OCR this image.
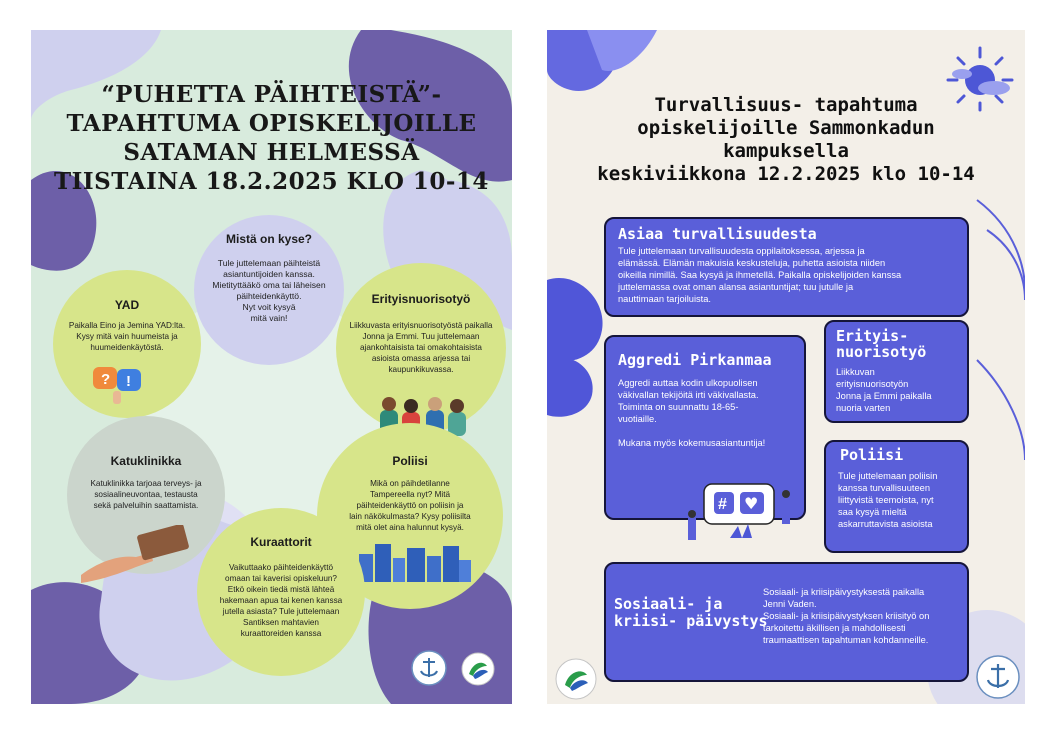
“PUHETTA PÄIHTEISTÄ”-
TAPAHTUMA OPISKELIJOILLE
SATAMAN HELMESSÄ
TIISTAINA 18.2.2025 KLO 10-14
Mistä on kyse?
Tule juttelemaan päihteistä
asiantuntijoiden kanssa.
Mietityttääkö oma tai läheisen
päihteidenkäyttö.
Nyt voit kysyä
mitä vain!
YAD
Paikalla Eino ja Jemina YAD:lta.
Kysy mitä vain huumeista ja
huumeidenkäytöstä.
? !
Erityisnuorisotyö
Liikkuvasta erityisnuorisotyöstä paikalla
Jonna ja Emmi. Tuu juttelemaan
ajankohtaisista tai omakohtaisista
asioista omassa arjessa tai
kaupunkikuvassa.
Katuklinikka
Katuklinikka tarjoaa terveys- ja
sosiaalineuvontaa, testausta
sekä palveluihin saattamista.
Poliisi
Mikä on päihdetilanne
Tampereella nyt? Mitä
päihteidenkäyttö on poliisin ja
lain näkökulmasta? Kysy poliisilta
mitä olet aina halunnut kysyä.
Kuraattorit
Vaikuttaako päihteidenkäyttö
omaan tai kaverisi opiskeluun?
Etkö oikein tiedä mistä lähteä
hakemaan apua tai kenen kanssa
jutella asiasta? Tule juttelemaan
Santiksen mahtavien
kuraattoreiden kanssa
Turvallisuus- tapahtuma
opiskelijoille Sammonkadun
kampuksella
keskiviikkona 12.2.2025 klo 10-14
Asiaa turvallisuudesta
Tule juttelemaan turvallisuudesta oppilaitoksessa, arjessa ja
elämässä. Elämän makuisia keskusteluja, puhetta asioista niiden
oikeilla nimillä. Saa kysyä ja ihmetellä. Paikalla opiskelijoiden kanssa
juttelemassa ovat oman alansa asiantuntijat; tuu jutulle ja
nauttimaan tarjoiluista.
Aggredi Pirkanmaa
Aggredi auttaa kodin ulkopuolisen
väkivallan tekijöitä irti väkivallasta.
Toiminta on suunnattu 18-65-
vuotiaille.
Mukana myös kokemusasiantuntija!
# ♥
Erityis-
nuorisotyö
Liikkuvan
erityisnuorisotyön
Jonna ja Emmi paikalla
nuoria varten
Poliisi
Tule juttelemaan poliisin
kanssa turvallisuuteen
liittyvistä teemoista, nyt
saa kysyä mieltä
askarruttavista asioista
Sosiaali- ja
kriisi- päivystys
Sosiaali- ja kriisipäivystyksestä paikalla
Jenni Vaden.
Sosiaali- ja kriisipäivystyksen kriisityö on
tarkoitettu äkillisen ja mahdollisesti
traumaattisen tapahtuman kohdanneille.
